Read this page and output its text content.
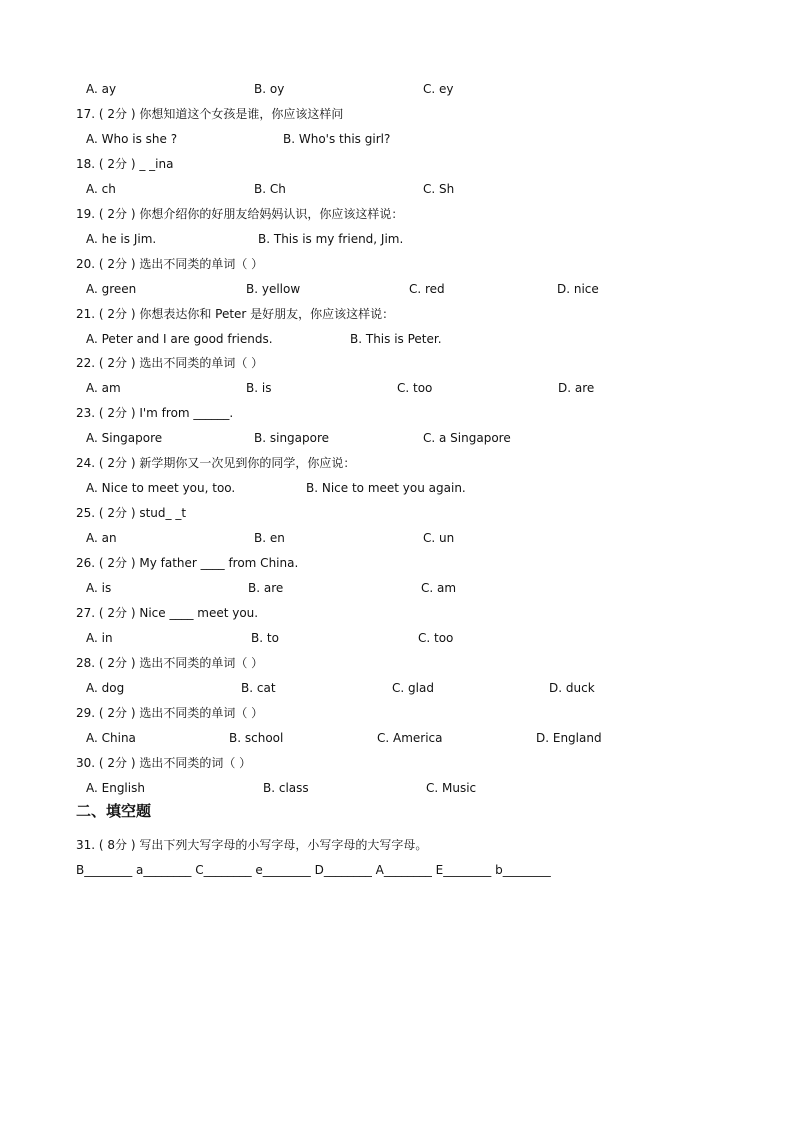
A. ay	B. oy	C. ey
17. ( 2分 ) 你想知道这个女孩是谁，你应该这样问
A. Who is she ?	B. Who's this girl?
18. ( 2分 ) _ _ina
A. ch	B. Ch	C. Sh
19. ( 2分 ) 你想介绍你的好朋友给妈妈认识，你应该这样说：
A. he is Jim.	B. This is my friend, Jim.
20. ( 2分 ) 选出不同类的单词（ ）
A. green	B. yellow	C. red	D. nice
21. ( 2分 ) 你想表达你和 Peter 是好朋友，你应该这样说：
A. Peter and I are good friends.	B. This is Peter.
22. ( 2分 ) 选出不同类的单词（ ）
A. am	B. is	C. too	D. are
23. ( 2分 ) I'm from ______.
A. Singapore	B. singapore	C. a Singapore
24. ( 2分 ) 新学期你又一次见到你的同学，你应说：
A. Nice to meet you, too.	B. Nice to meet you again.
25. ( 2分 ) stud_ _t
A. an	B. en	C. un
26. ( 2分 ) My father ____ from China.
A. is	B. are	C. am
27. ( 2分 ) Nice ____ meet you.
A. in	B. to	C. too
28. ( 2分 ) 选出不同类的单词（ ）
A. dog	B. cat	C. glad	D. duck
29. ( 2分 ) 选出不同类的单词（ ）
A. China	B. school	C. America	D. England
30. ( 2分 ) 选出不同类的词（ ）
A. English	B. class	C. Music
二、填空题
31. ( 8分 ) 写出下列大写字母的小写字母，小写字母的大写字母。
B________ a________ C________ e________ D________ A________ E________ b________
